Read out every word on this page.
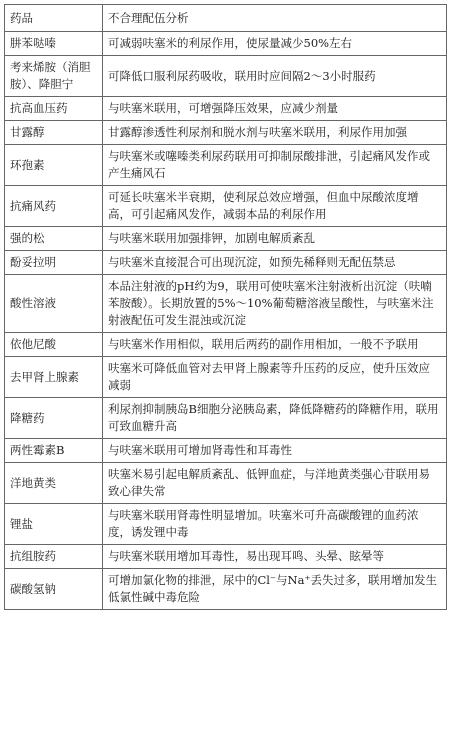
药品	不合理配伍分析
肼苯哒嗪	可减弱呋塞米的利尿作用，使尿量减少50%左右
考来烯胺（消胆胺）、降胆宁	可降低口服利尿药吸收，联用时应间隔2～3小时服药
抗高血压药	与呋塞米联用，可增强降压效果，应减少剂量
甘露醇	甘露醇渗透性利尿剂和脱水剂与呋塞米联用，利尿作用加强
环孢素	与呋塞米或噻嗪类利尿药联用可抑制尿酸排泄，引起痛风发作或产生痛风石
抗痛风药	可延长呋塞米半衰期，使利尿总效应增强，但血中尿酸浓度增高，可引起痛风发作，减弱本品的利尿作用
强的松	与呋塞米联用加强排钾，加剧电解质紊乱
酚妥拉明	与呋塞米直接混合可出现沉淀，如预先稀释则无配伍禁忌
酸性溶液	本品注射液的pH约为9，联用可使呋塞米注射液析出沉淀（呋喃苯胺酸）。长期放置的5%～10%葡萄糖溶液呈酸性，与呋塞米注射液配伍可发生混浊或沉淀
依他尼酸	与呋塞米作用相似，联用后两药的副作用相加，一般不予联用
去甲肾上腺素	呋塞米可降低血管对去甲肾上腺素等升压药的反应，使升压效应减弱
降糖药	利尿剂抑制胰岛B细胞分泌胰岛素，降低降糖药的降糖作用，联用可致血糖升高
两性霉素B	与呋塞米联用可增加肾毒性和耳毒性
洋地黄类	呋塞米易引起电解质紊乱、低钾血症，与洋地黄类强心苷联用易致心律失常
锂盐	与呋塞米联用肾毒性明显增加。呋塞米可升高碳酸锂的血药浓度，诱发锂中毒
抗组胺药	与呋塞米联用增加耳毒性，易出现耳鸣、头晕、眩晕等
碳酸氢钠	可增加氯化物的排泄，尿中的Cl⁻与Na⁺丢失过多，联用增加发生低氯性碱中毒危险
